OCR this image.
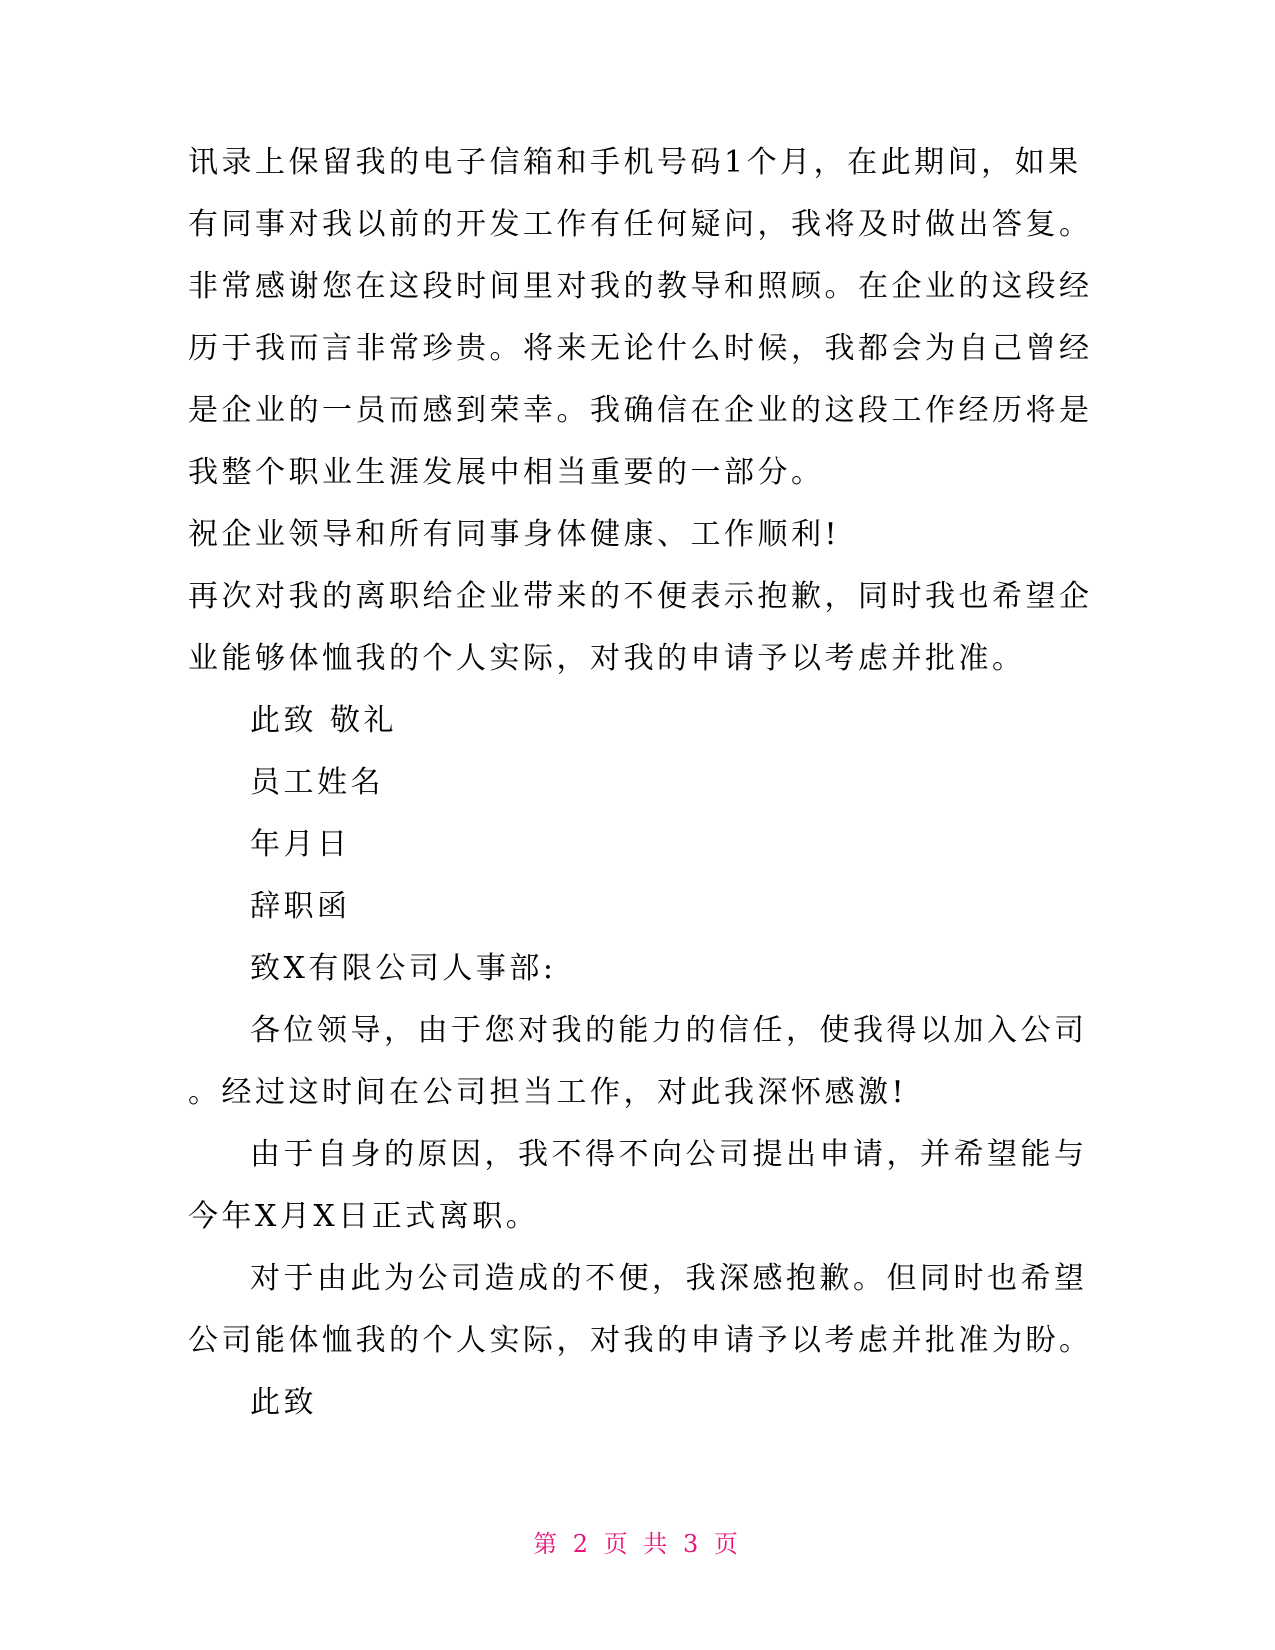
讯录上保留我的电子信箱和手机号码1个月，在此期间，如果
有同事对我以前的开发工作有任何疑问，我将及时做出答复。
非常感谢您在这段时间里对我的教导和照顾。在企业的这段经
历于我而言非常珍贵。将来无论什么时候，我都会为自己曾经
是企业的一员而感到荣幸。我确信在企业的这段工作经历将是
我整个职业生涯发展中相当重要的一部分。
祝企业领导和所有同事身体健康、工作顺利!
再次对我的离职给企业带来的不便表示抱歉，同时我也希望企
业能够体恤我的个人实际，对我的申请予以考虑并批准。
此致 敬礼
员工姓名
年月日
辞职函
致X有限公司人事部:
各位领导，由于您对我的能力的信任，使我得以加入公司
。经过这时间在公司担当工作，对此我深怀感激!
由于自身的原因，我不得不向公司提出申请，并希望能与
今年X月X日正式离职。
对于由此为公司造成的不便，我深感抱歉。但同时也希望
公司能体恤我的个人实际，对我的申请予以考虑并批准为盼。
此致
第 2 页 共 3 页
